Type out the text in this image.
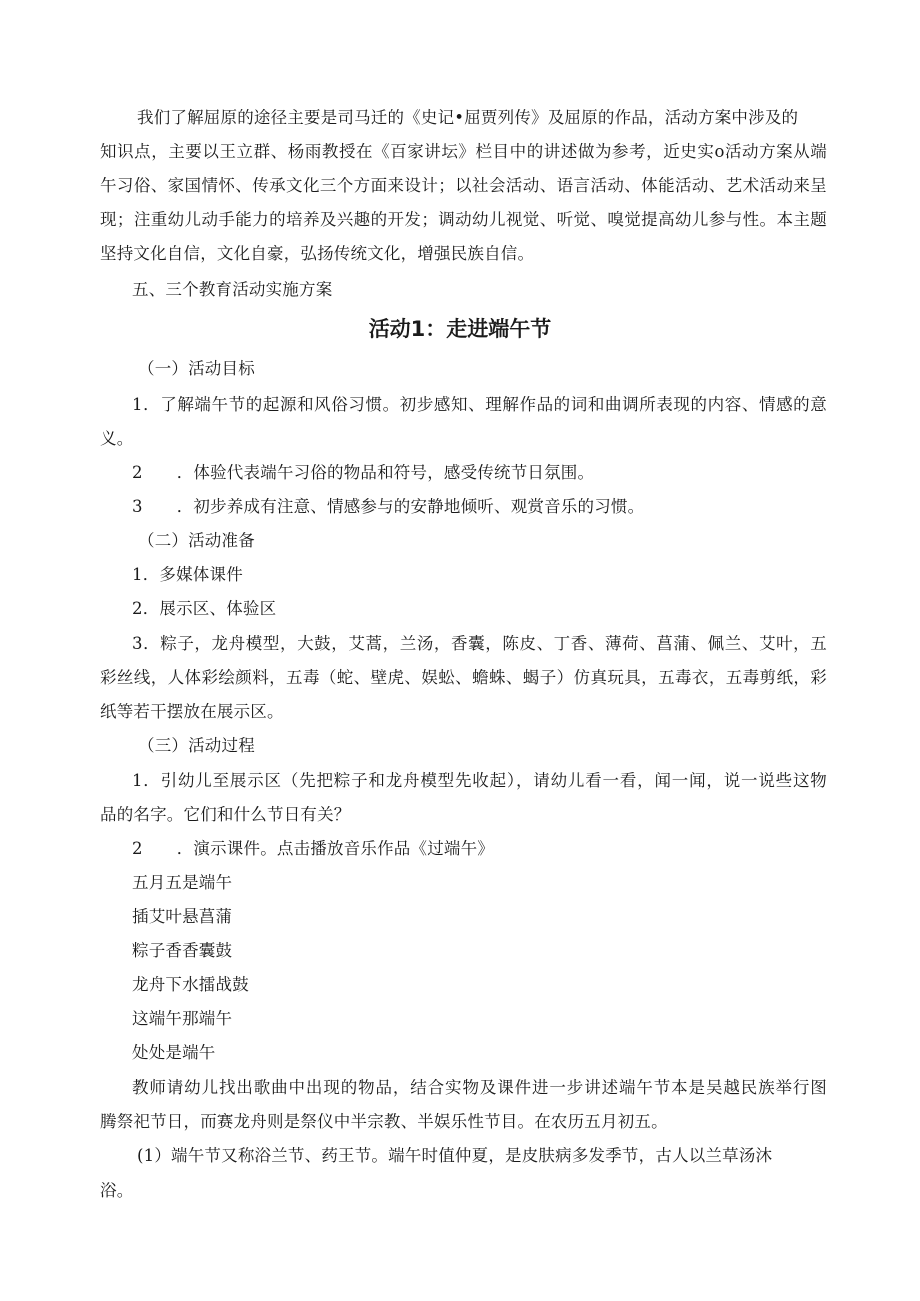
我们了解屈原的途径主要是司马迁的《史记•屈贾列传》及屈原的作品，活动方案中涉及的
知识点，主要以王立群、杨雨教授在《百家讲坛》栏目中的讲述做为参考，近史实o活动方案从端
午习俗、家国情怀、传承文化三个方面来设计；以社会活动、语言活动、体能活动、艺术活动来呈
现；注重幼儿动手能力的培养及兴趣的开发；调动幼儿视觉、听觉、嗅觉提高幼儿参与性。本主题
坚持文化自信，文化自豪，弘扬传统文化，增强民族自信。
五、三个教育活动实施方案
活动1：走进端午节
（一）活动目标
1．了解端午节的起源和风俗习惯。初步感知、理解作品的词和曲调所表现的内容、情感的意
义。
2 ．体验代表端午习俗的物品和符号，感受传统节日氛围。
3 ．初步养成有注意、情感参与的安静地倾听、观赏音乐的习惯。
（二）活动准备
1．多媒体课件
2．展示区、体验区
3．粽子，龙舟模型，大鼓，艾蒿，兰汤，香囊，陈皮、丁香、薄荷、菖蒲、佩兰、艾叶，五
彩丝线，人体彩绘颜料，五毒（蛇、壁虎、娱蚣、蟾蛛、蝎子）仿真玩具，五毒衣，五毒剪纸，彩
纸等若干摆放在展示区。
（三）活动过程
1．引幼儿至展示区（先把粽子和龙舟模型先收起），请幼儿看一看，闻一闻，说一说些这物
品的名字。它们和什么节日有关？
2 ．演示课件。点击播放音乐作品《过端午》
五月五是端午
插艾叶悬菖蒲
粽子香香囊鼓
龙舟下水擂战鼓
这端午那端午
处处是端午
教师请幼儿找出歌曲中出现的物品，结合实物及课件进一步讲述端午节本是吴越民族举行图
腾祭祀节日，而赛龙舟则是祭仪中半宗教、半娱乐性节目。在农历五月初五。
(1）端午节又称浴兰节、药王节。端午时值仲夏，是皮肤病多发季节，古人以兰草汤沐
浴。
